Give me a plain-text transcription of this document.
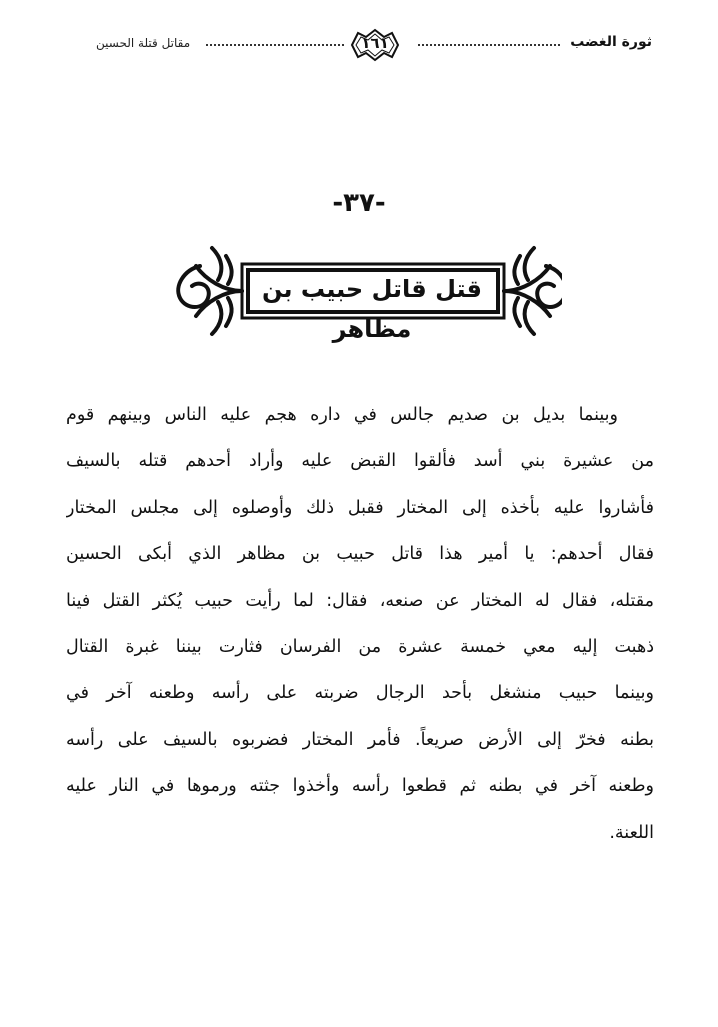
ثورة الغضب
١٦١
مقاتل قتلة الحسين
-٣٧-
قتل قاتل حبيب بن مظاهر
وبينما بديل بن صديم جالس في داره هجم عليه الناس وبينهم قوم
من عشيرة بني أسد فألقوا القبض عليه وأراد أحدهم قتله بالسيف
فأشاروا عليه بأخذه إلى المختار فقبل ذلك وأوصلوه إلى مجلس المختار
فقال أحدهم: يا أمير هذا قاتل حبيب بن مظاهر الذي أبكى الحسين
مقتله، فقال له المختار عن صنعه، فقال: لما رأيت حبيب يُكثر القتل فينا
ذهبت إليه معي خمسة عشرة من الفرسان فثارت بيننا غبرة القتال
وبينما حبيب منشغل بأحد الرجال ضربته على رأسه وطعنه آخر في
بطنه فخرّ إلى الأرض صريعاً. فأمر المختار فضربوه بالسيف على رأسه
وطعنه آخر في بطنه ثم قطعوا رأسه وأخذوا جثته ورموها في النار عليه
اللعنة.
